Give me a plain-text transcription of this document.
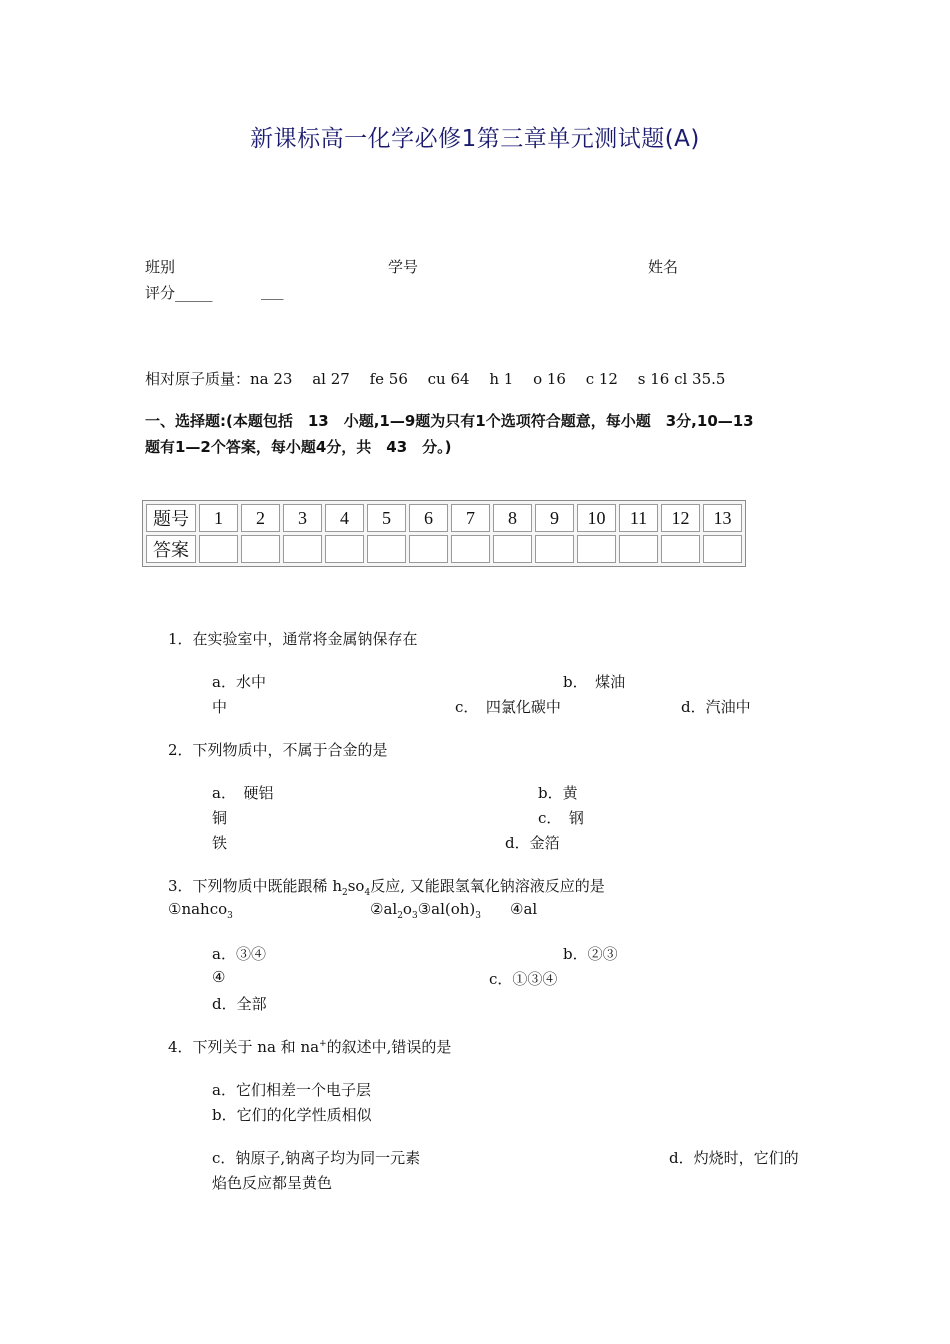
新课标高一化学必修1第三章单元测试题(A)
班别	学号	姓名
评分_____	___
相对原子质量：na 23　 al 27　 fe 56　 cu 64　 h 1　 o 16　 c 12　 s 16 cl 35.5
一、选择题:(本题包括　13　小题,1—9题为只有1个选项符合题意，每小题　3分,10—13
题有1—2个答案，每小题4分，共　43　分。)
题号	1	2	3	4	5	6	7	8	9	10	11	12	13
答案													
1．在实验室中，通常将金属钠保存在
a．水中	b．　煤油
中	c．　四氯化碳中	d．汽油中
2．下列物质中，不属于合金的是
a．　硬铝	b．黄
铜	c．　钢
铁	d．金箔
3．下列物质中既能跟稀 $h_2so_4$反应, 又能跟氢氧化钠溶液反应的是
①nahco$_3$	$②al_2o_3③al(oh)_3$ ④al
a．③④	b．②③
④	c．①③④
d．全部
4．下列关于 na 和 na+的叙述中,错误的是
a．它们相差一个电子层
b．它们的化学性质相似
c．钠原子,钠离子均为同一元素	d．灼烧时，它们的
焰色反应都呈黄色
